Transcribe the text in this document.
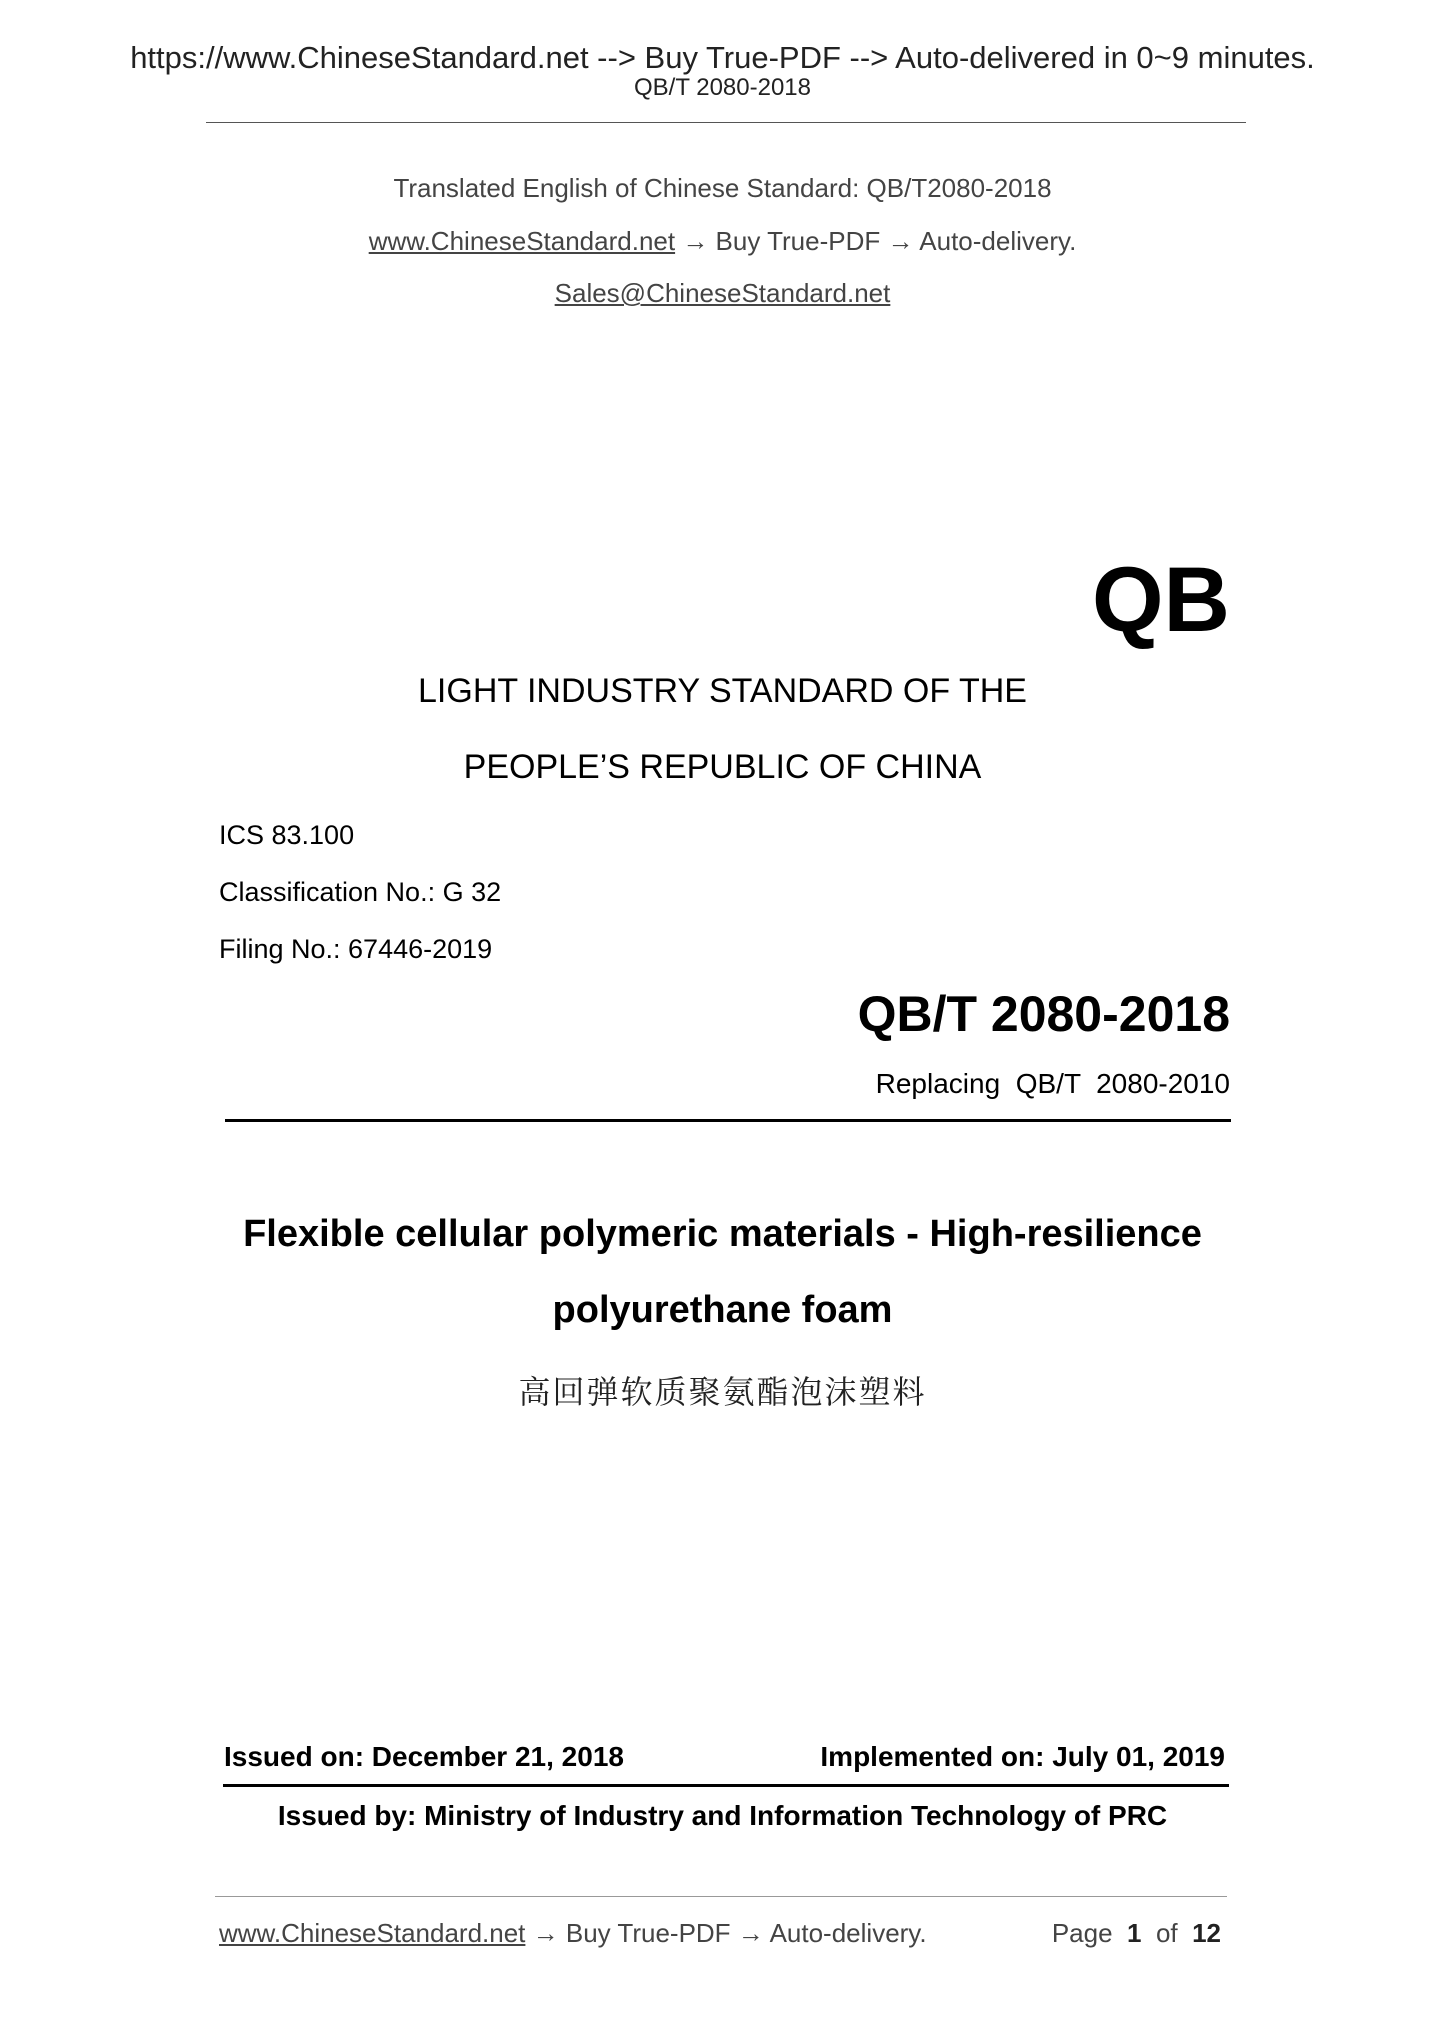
https://www.ChineseStandard.net --> Buy True-PDF --> Auto-delivered in 0~9 minutes.
QB/T 2080-2018
Translated English of Chinese Standard: QB/T2080-2018
www.ChineseStandard.net → Buy True-PDF → Auto-delivery.
Sales@ChineseStandard.net
QB
LIGHT INDUSTRY STANDARD OF THE
PEOPLE’S REPUBLIC OF CHINA
ICS 83.100
Classification No.: G 32
Filing No.: 67446-2019
QB/T 2080-2018
Replacing  QB/T  2080-2010
Flexible cellular polymeric materials - High-resilience
polyurethane foam
高回弹软质聚氨酯泡沫塑料
Issued on: December 21, 2018	Implemented on: July 01, 2019
Issued by: Ministry of Industry and Information Technology of PRC
www.ChineseStandard.net → Buy True-PDF → Auto-delivery.	Page 1 of 12
